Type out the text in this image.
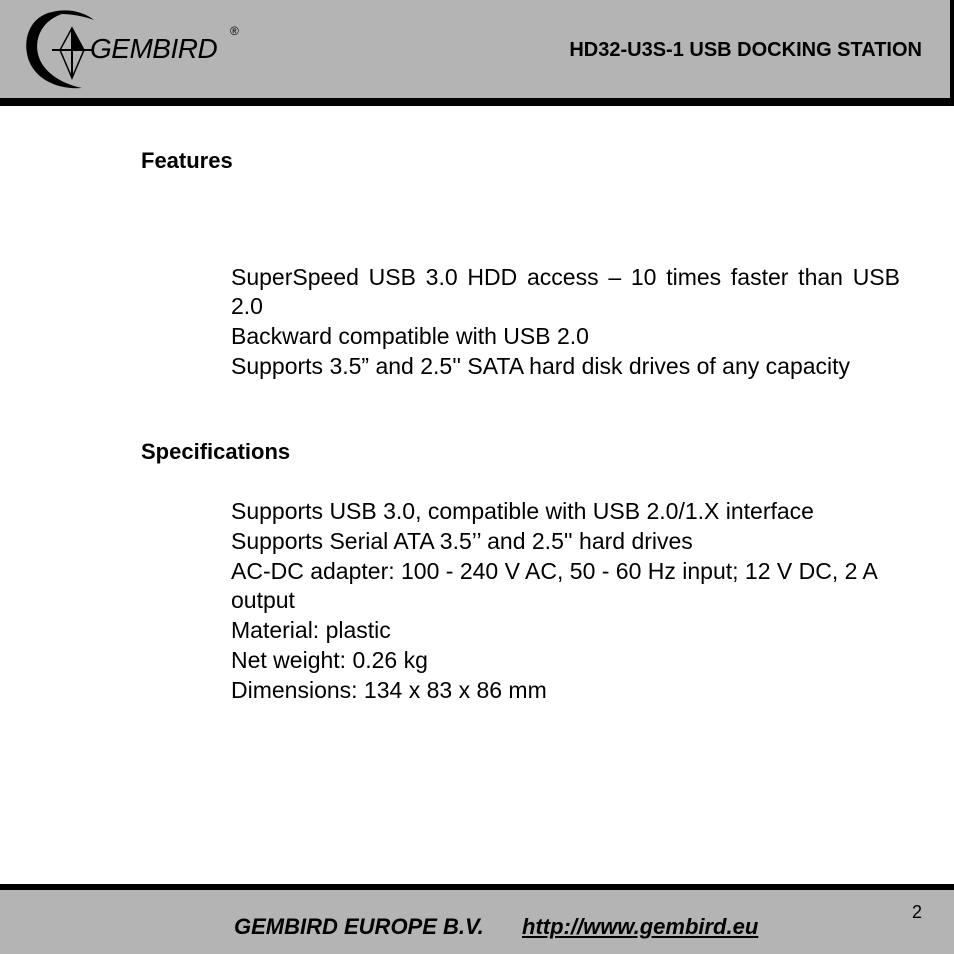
GEMBIRD
®
HD32-U3S-1 USB DOCKING STATION
Features
SuperSpeed USB 3.0 HDD access – 10 times faster than USB 2.0
Backward compatible with USB 2.0
Supports 3.5” and 2.5'' SATA hard disk drives of any capacity
Specifications
Supports USB 3.0, compatible with USB 2.0/1.X interface
Supports Serial ATA 3.5’’ and 2.5'' hard drives
AC-DC adapter: 100 - 240 V AC, 50 - 60 Hz input; 12 V DC, 2 A output
Material: plastic
Net weight: 0.26 kg
Dimensions: 134 x 83 x 86 mm
GEMBIRD EUROPE B.V. http://www.gembird.eu
2
